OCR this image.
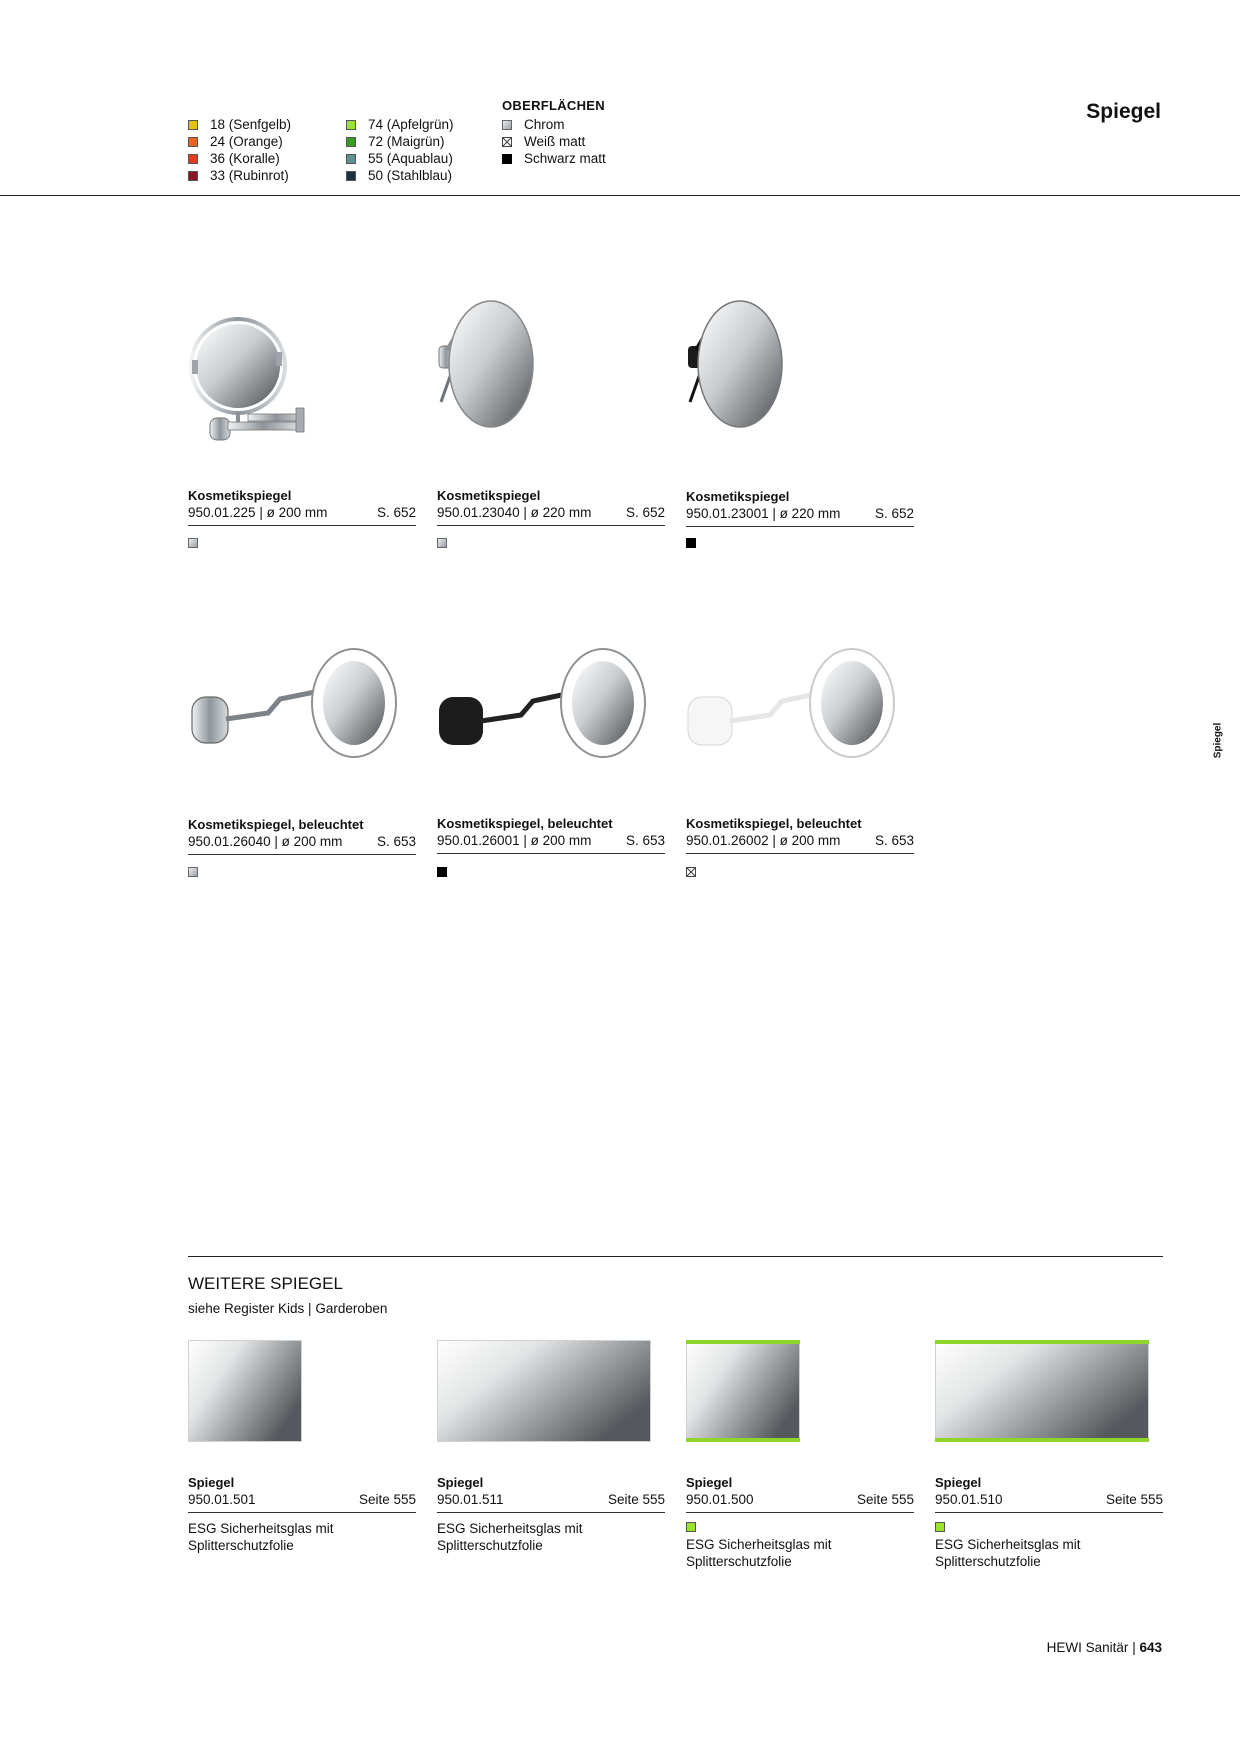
18 (Senfgelb)
24 (Orange)
36 (Koralle)
33 (Rubinrot)
74 (Apfelgrün)
72 (Maigrün)
55 (Aquablau)
50 (Stahlblau)
OBERFLÄCHEN
Chrom
Weiß matt
Schwarz matt
Spiegel
Spiegel
Kosmetikspiegel
950.01.225 | ø 200 mm	S. 652
Kosmetikspiegel
950.01.23040 | ø 220 mm	S. 652
Kosmetikspiegel
950.01.23001 | ø 220 mm	S. 652
Kosmetikspiegel, beleuchtet
950.01.26040 | ø 200 mm	S. 653
Kosmetikspiegel, beleuchtet
950.01.26001 | ø 200 mm	S. 653
Kosmetikspiegel, beleuchtet
950.01.26002 | ø 200 mm	S. 653
WEITERE SPIEGEL
siehe Register Kids | Garderoben
Spiegel
950.01.501	Seite 555
ESG Sicherheitsglas mit
Splitterschutzfolie
Spiegel
950.01.511	Seite 555
ESG Sicherheitsglas mit
Splitterschutzfolie
Spiegel
950.01.500	Seite 555
ESG Sicherheitsglas mit
Splitterschutzfolie
Spiegel
950.01.510	Seite 555
ESG Sicherheitsglas mit
Splitterschutzfolie
HEWI Sanitär | 643
